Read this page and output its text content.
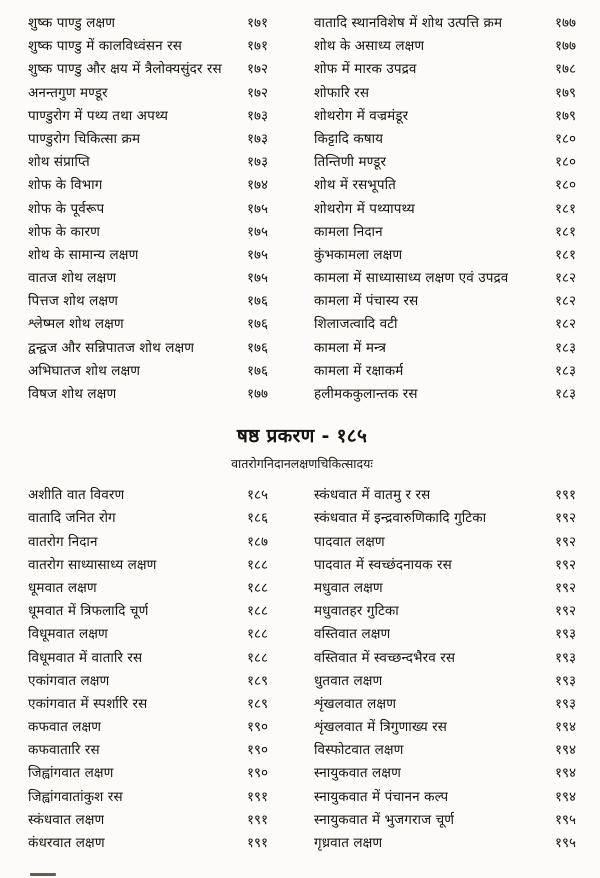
शुष्क पाण्डु लक्षण	१७१
शुष्क पाण्डु में कालविध्वंसन रस	१७१
शुष्क पाण्डु और क्षय में त्रैलोक्यसुंदर रस १७२
अनन्तगुण मण्डूर	१७२
पाण्डुरोग में पथ्य तथा अपथ्य	१७३
पाण्डुरोग चिकित्सा क्रम	१७३
शोथ संप्राप्ति	१७३
शोफ के विभाग	१७४
शोफ के पूर्वरूप	१७५
शोफ के कारण	१७५
शोथ के सामान्य लक्षण	१७५
वातज शोथ लक्षण	१७५
पित्तज शोथ लक्षण	१७६
श्लेष्मल शोथ लक्षण	१७६
द्वन्द्वज और सन्निपातज शोथ लक्षण	१७६
अभिघातज शोथ लक्षण	१७६
विषज शोथ लक्षण	१७७
वातादि स्थानविशेष में शोथ उत्पत्ति क्रम	१७७
शोथ के असाध्य लक्षण	१७७
शोफ में मारक उपद्रव	१७८
शोफारि रस	१७९
शोथरोग में वज्रमंडूर	१७९
किट्टादि कषाय	१८०
तिन्तिणी मण्डूर	१८०
शोथ में रसभूपति	१८०
शोथरोग में पथ्यापथ्य	१८१
कामला निदान	१८१
कुंभकामला लक्षण	१८१
कामला में साध्यासाध्य लक्षण एवं उपद्रव	१८२
कामला में पंचास्य रस	१८२
शिलाजत्वादि वटी	१८२
कामला में मन्त्र	१८३
कामला में रक्षाकर्म	१८३
हलीमककुलान्तक रस	१८३
षष्ठ प्रकरण - १८५
वातरोगनिदानलक्षणचिकित्सादयः
अशीति वात विवरण	१८५
वातादि जनित रोग	१८६
वातरोग निदान	१८७
वातरोग साध्यासाध्य लक्षण	१८८
धूमवात लक्षण	१८८
धूमवात में त्रिफलादि चूर्ण	१८८
विधूमवात लक्षण	१८८
विधूमवात में वातारि रस	१८८
एकांगवात लक्षण	१८९
एकांगवात में स्पर्शारि रस	१८९
कफवात लक्षण	१९०
कफवातारि रस	१९०
जिह्वांगवात लक्षण	१९०
जिह्वांगवातांकुश रस	१९१
स्कंधवात लक्षण	१९१
कंधरवात लक्षण	१९१
स्कंधवात में वातमु र रस	१९१
स्कंधवात में इन्द्रवारुणिकादि गुटिका	१९२
पादवात लक्षण	१९२
पादवात में स्वच्छंदनायक रस	१९२
मधुवात लक्षण	१९२
मधुवातहर गुटिका	१९२
वस्तिवात लक्षण	१९३
वस्तिवात में स्वच्छन्दभैरव रस	१९३
धुतवात लक्षण	१९३
शृंखलवात लक्षण	१९३
शृंखलवात में त्रिगुणाख्य रस	१९४
विस्फोटवात लक्षण	१९४
स्नायुकवात लक्षण	१९४
स्नायुकवात में पंचानन कल्प	१९४
स्नायुकवात में भुजगराज चूर्ण	१९५
गृध्रवात लक्षण	१९५
